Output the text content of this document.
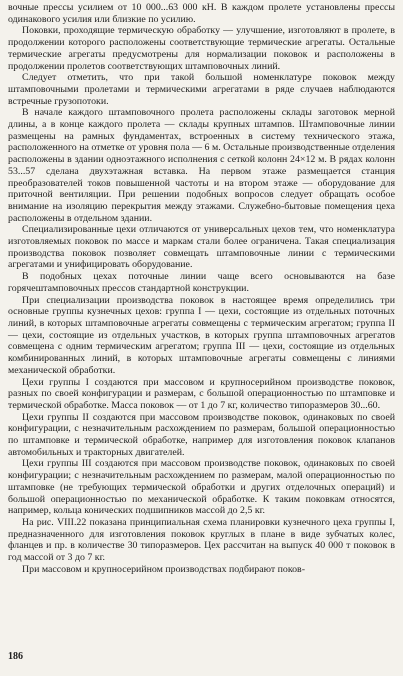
вочные прессы усилием от 10 000...63 000 кН. В каждом пролете установлены прессы одинакового усилия или близкие по усилию.

Поковки, проходящие термическую обработку — улучшение, изготовляют в пролете, в продолжении которого расположены соответствующие термические агрегаты. Остальные термические агрегаты предусмотрены для нормализации поковок и расположены в продолжении пролетов соответствующих штамповочных линий.

Следует отметить, что при такой большой номенклатуре поковок между штамповочными пролетами и термическими агрегатами в ряде случаев наблюдаются встречные грузопотоки.

В начале каждого штамповочного пролета расположены склады заготовок мерной длины, а в конце каждого пролета — склады крупных штампов. Штамповочные линии размещены на рамных фундаментах, встроенных в систему технического этажа, расположенного на отметке от уровня пола — 6 м. Остальные производственные отделения расположены в здании одноэтажного исполнения с сеткой колонн 24×12 м. В рядах колонн 53...57 сделана двухэтажная вставка. На первом этаже размещается станция преобразователей токов повышенной частоты и на втором этаже — оборудование для приточной вентиляции. При решении подобных вопросов следует обращать особое внимание на изоляцию перекрытия между этажами. Служебно-бытовые помещения цеха расположены в отдельном здании.

Специализированные цехи отличаются от универсальных цехов тем, что номенклатура изготовляемых поковок по массе и маркам стали более ограничена. Такая специализация производства поковок позволяет совмещать штамповочные линии с термическими агрегатами и унифицировать оборудование.

В подобных цехах поточные линии чаще всего основываются на базе горячештамповочных прессов стандартной конструкции.

При специализации производства поковок в настоящее время определились три основные группы кузнечных цехов: группа I — цехи, состоящие из отдельных поточных линий, в которых штамповочные агрегаты совмещены с термическим агрегатом; группа II — цехи, состоящие из отдельных участков, в которых группа штамповочных агрегатов совмещена с одним термическим агрегатом; группа III — цехи, состоящие из отдельных комбинированных линий, в которых штамповочные агрегаты совмещены с линиями механической обработки.

Цехи группы I создаются при массовом и крупносерийном производстве поковок, разных по своей конфигурации и размерам, с большой операционностью по штамповке и термической обработке. Масса поковок — от 1 до 7 кг, количество типоразмеров 30...60.

Цехи группы II создаются при массовом производстве поковок, одинаковых по своей конфигурации, с незначительным расхождением по размерам, большой операционностью по штамповке и термической обработке, например для изготовления поковок клапанов автомобильных и тракторных двигателей.

Цехи группы III создаются при массовом производстве поковок, одинаковых по своей конфигурации; с незначительным расхождением по размерам, малой операционностью по штамповке (не требующих термической обработки и других отделочных операций) и большой операционностью по механической обработке. К таким поковкам относятся, например, кольца конических подшипников массой до 2,5 кг.

На рис. VIII.22 показана принципиальная схема планировки кузнечного цеха группы I, предназначенного для изготовления поковок круглых в плане в виде зубчатых колес, фланцев и пр. в количестве 30 типоразмеров. Цех рассчитан на выпуск 40 000 т поковок в год массой от 3 до 7 кг.

При массовом и крупносерийном производствах подбирают поков-

186
